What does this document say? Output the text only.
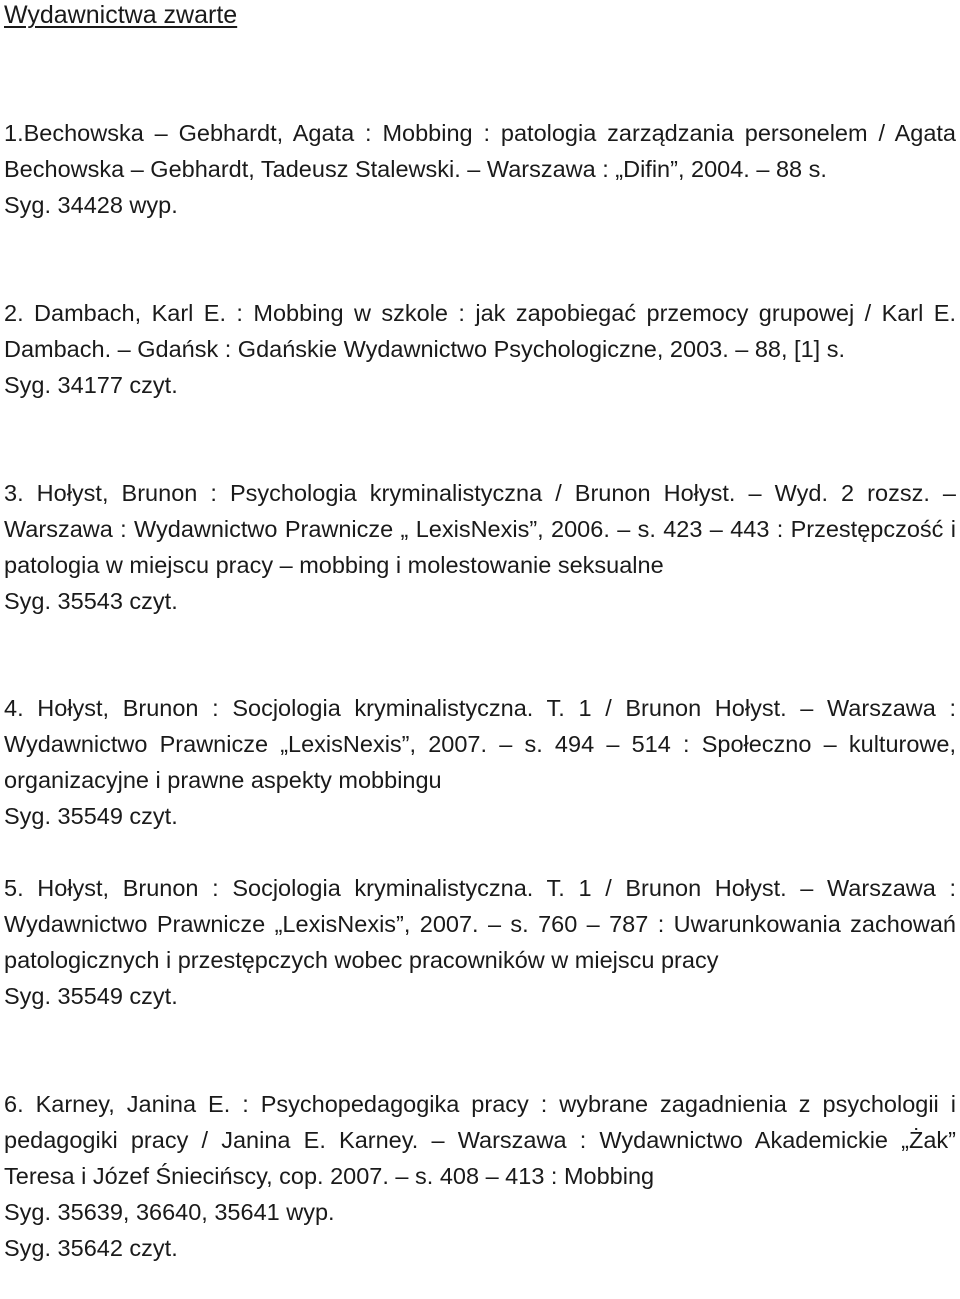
Wydawnictwa zwarte

1.Bechowska – Gebhardt, Agata : Mobbing : patologia zarządzania personelem / Agata Bechowska – Gebhardt, Tadeusz Stalewski. – Warszawa : „Difin”, 2004. – 88 s.

Syg. 34428 wyp.

2. Dambach, Karl E. : Mobbing w szkole : jak zapobiegać przemocy grupowej / Karl E. Dambach. – Gdańsk : Gdańskie Wydawnictwo Psychologiczne, 2003. – 88, [1] s.

Syg. 34177 czyt.

3. Hołyst, Brunon : Psychologia kryminalistyczna / Brunon Hołyst. – Wyd. 2 rozsz. – Warszawa : Wydawnictwo Prawnicze „ LexisNexis”, 2006. – s. 423 – 443 : Przestępczość i patologia w miejscu pracy – mobbing i molestowanie seksualne

Syg. 35543 czyt.

4. Hołyst, Brunon : Socjologia kryminalistyczna. T. 1 / Brunon Hołyst. – Warszawa : Wydawnictwo Prawnicze „LexisNexis”, 2007. – s. 494 – 514 : Społeczno – kulturowe, organizacyjne i prawne aspekty mobbingu

Syg. 35549 czyt.

5. Hołyst, Brunon : Socjologia kryminalistyczna. T. 1 / Brunon Hołyst. – Warszawa : Wydawnictwo Prawnicze „LexisNexis”, 2007. – s. 760 – 787 : Uwarunkowania zachowań patologicznych i przestępczych wobec pracowników w miejscu pracy

Syg. 35549 czyt.

6. Karney, Janina E. : Psychopedagogika pracy : wybrane zagadnienia z psychologii i pedagogiki pracy / Janina E. Karney. – Warszawa : Wydawnictwo Akademickie „Żak” Teresa i Józef Śniecińscy, cop. 2007. – s. 408 – 413 : Mobbing

Syg. 35639, 36640, 35641 wyp.

Syg. 35642 czyt.
